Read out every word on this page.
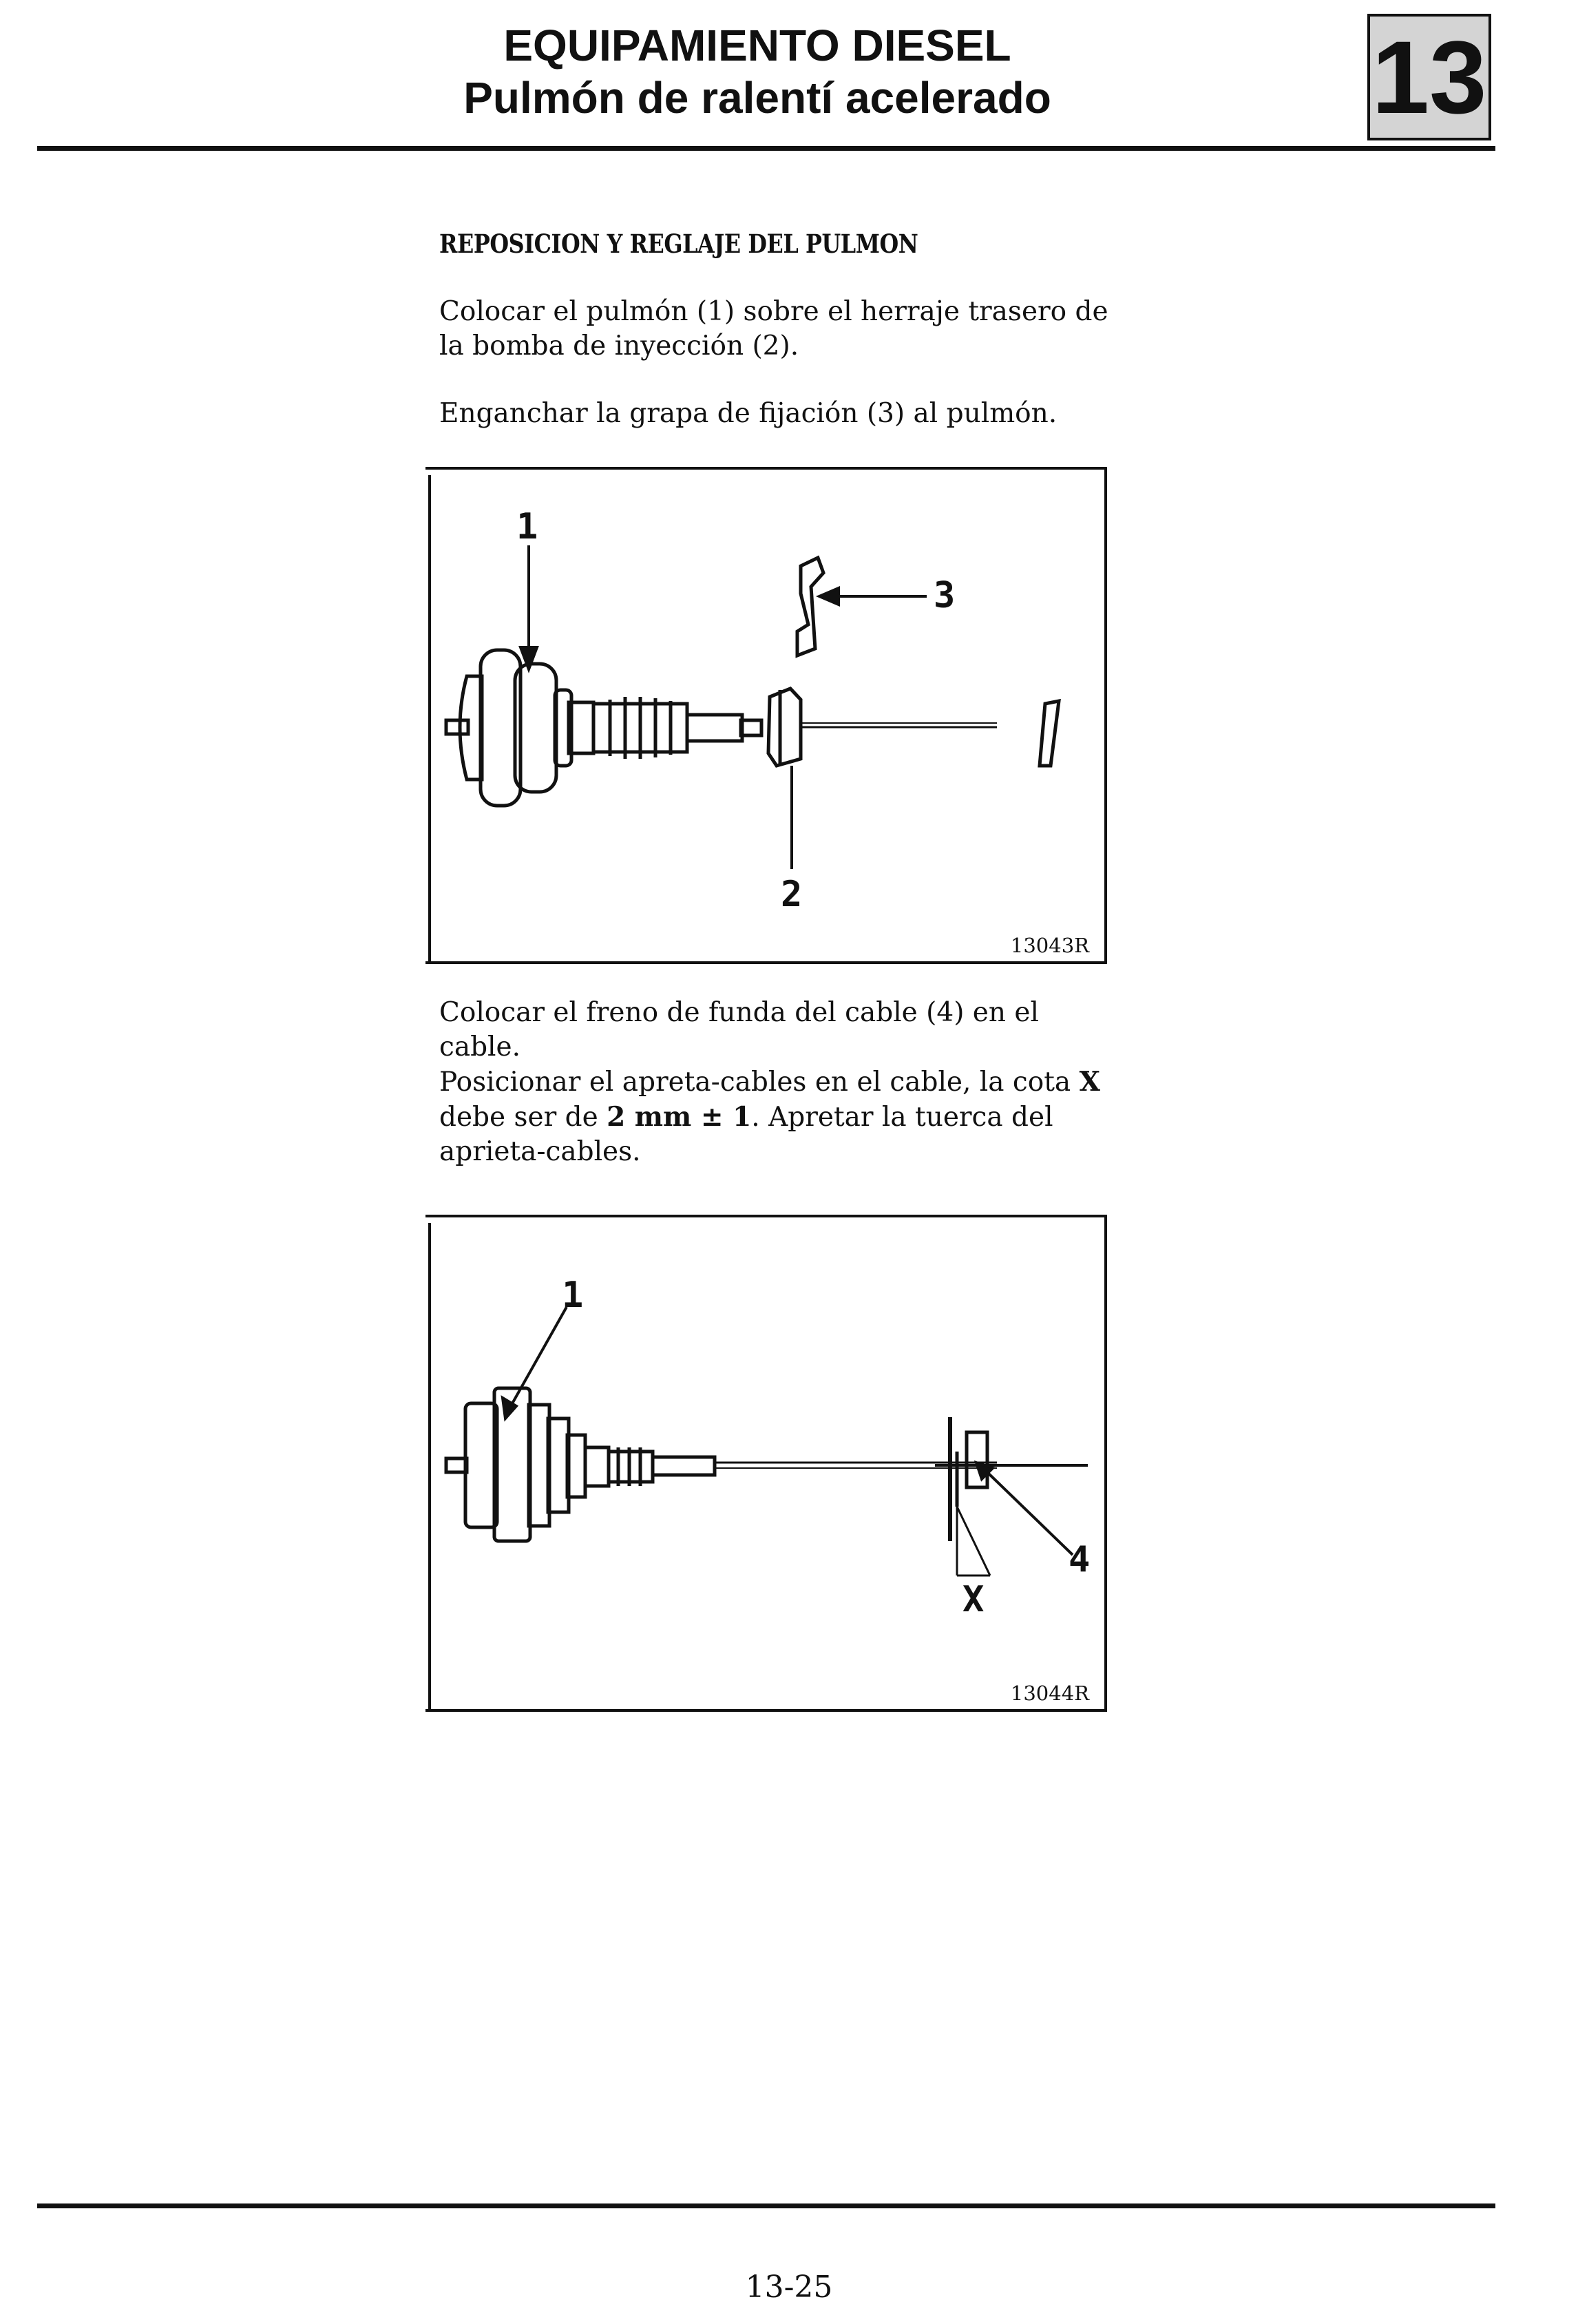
EQUIPAMIENTO DIESEL
Pulmón de ralentí acelerado	13
REPOSICION Y REGLAJE DEL PULMON
Colocar el pulmón (1) sobre el herraje trasero de la bomba de inyección (2).
Enganchar la grapa de fijación (3) al pulmón.
1
3
2
13043R
Colocar el freno de funda del cable (4) en el cable.
Posicionar el apreta-cables en el cable, la cota X debe ser de 2 mm ± 1. Apretar la tuerca del aprieta-cables.
1
4
X
13044R
13-25
